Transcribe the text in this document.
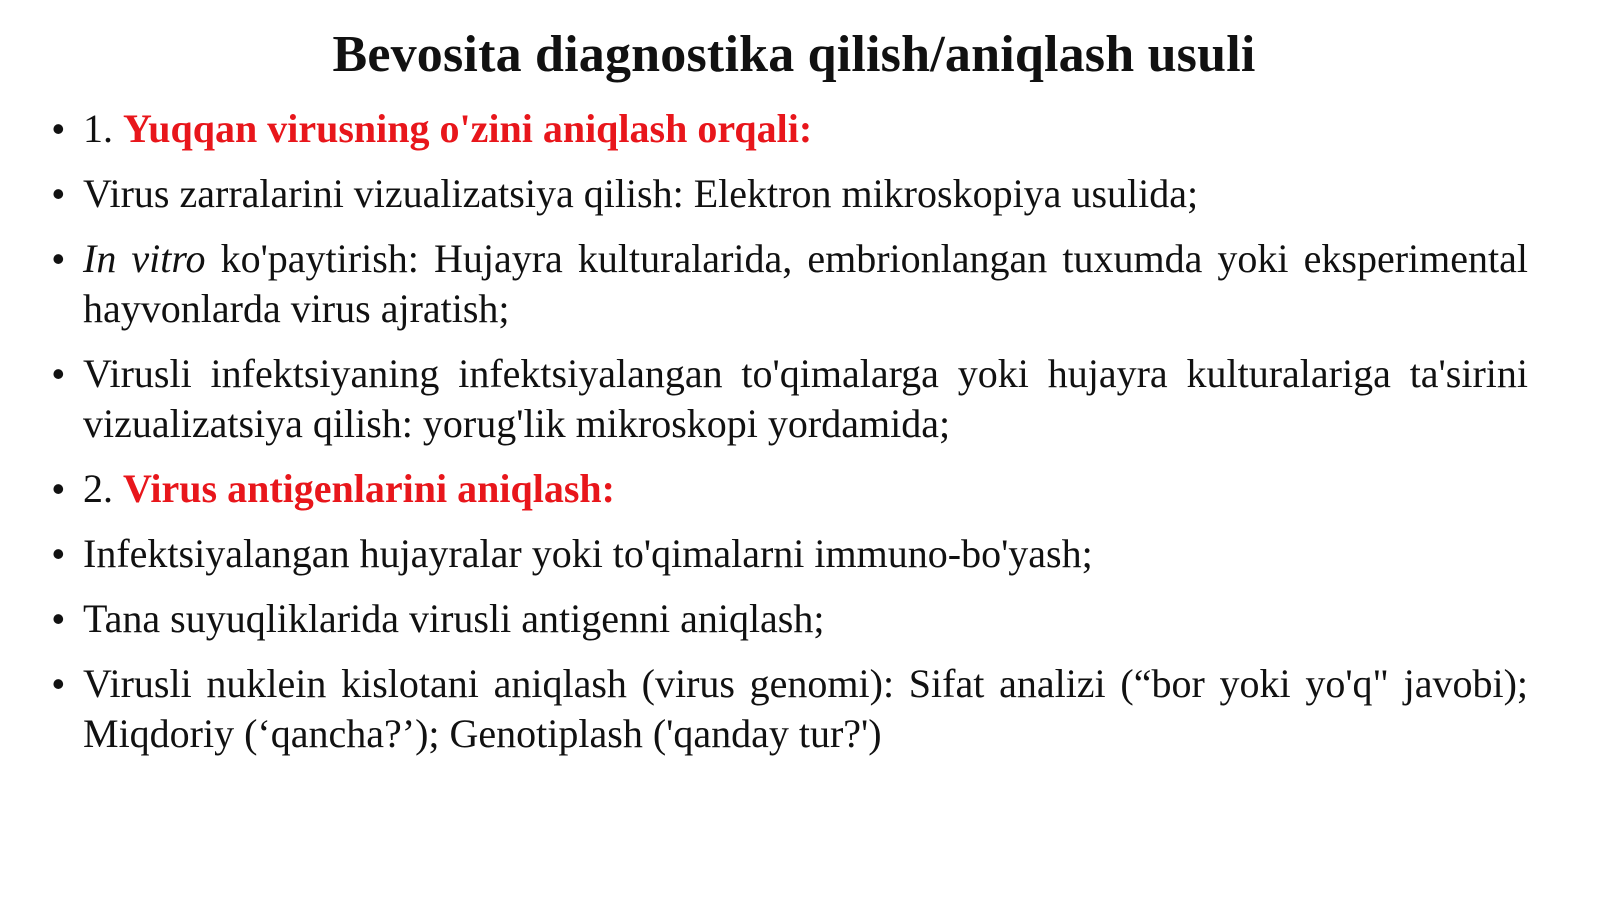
Bevosita diagnostika qilish/aniqlash usuli
• 1. Yuqqan virusning o'zini aniqlash orqali:
• Virus zarralarini vizualizatsiya qilish: Elektron mikroskopiya usulida;
• In vitro ko'paytirish: Hujayra kulturalarida, embrionlangan tuxumda yoki eksperimental hayvonlarda virus ajratish;
• Virusli infektsiyaning infektsiyalangan to'qimalarga yoki hujayra kulturalariga ta'sirini vizualizatsiya qilish: yorug'lik mikroskopi yordamida;
• 2. Virus antigenlarini aniqlash:
• Infektsiyalangan hujayralar yoki to'qimalarni immuno-bo'yash;
• Tana suyuqliklarida virusli antigenni aniqlash;
• Virusli nuklein kislotani aniqlash (virus genomi): Sifat analizi (“bor yoki yo'q" javobi); Miqdoriy (‘qancha?’); Genotiplash ('qanday tur?')
